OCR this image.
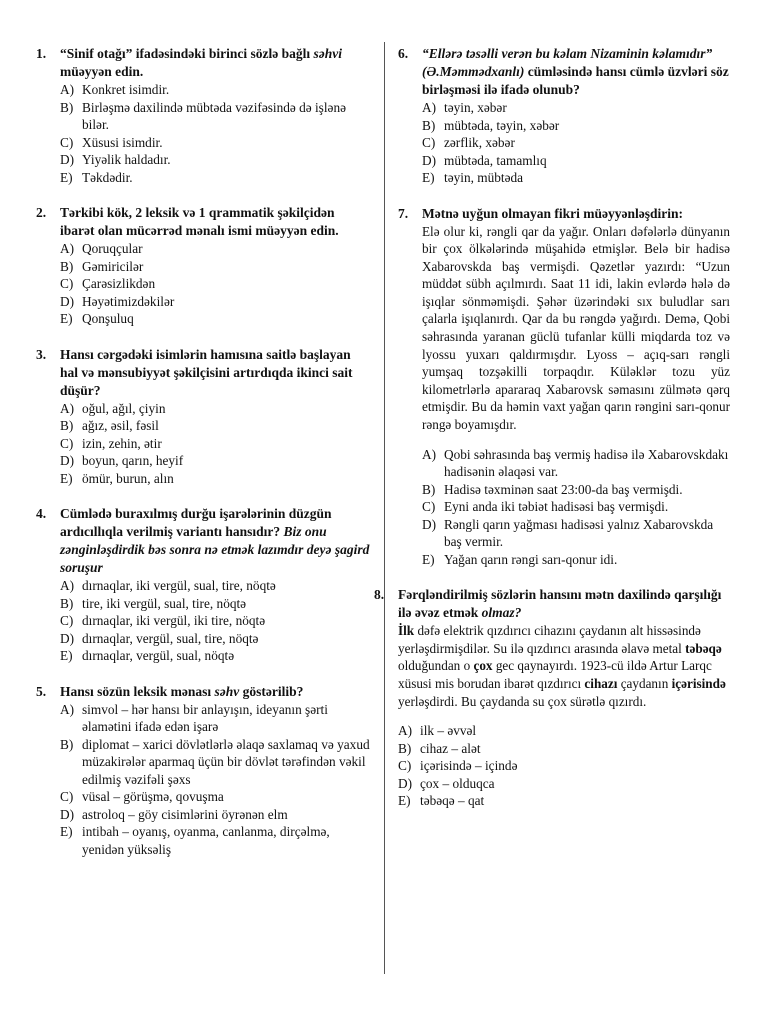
1. “Sinif otağı” ifadəsindəki birinci sözlə bağlı səhvi müəyyən edin.
A) Konkret isimdir.
B) Birləşmə daxilində mübtəda vəzifəsində də işlənə bilər.
C) Xüsusi isimdir.
D) Yiyəlik haldadır.
E) Təkdədir.
2. Tərkibi kök, 2 leksik və 1 qrammatik şəkilçidən ibarət olan mücərrəd mənalı ismi müəyyən edin.
A) Qoruqçular
B) Gəmiricilər
C) Çarəsizlikdən
D) Həyətimizdəkilər
E) Qonşuluq
3. Hansı cərgədəki isimlərin hamısına saitlə başlayan hal və mənsubiyyət şəkilçisini artırdıqda ikinci sait düşür?
A) oğul, ağıl, çiyin
B) ağız, əsil, fəsil
C) izin, zehin, ətir
D) boyun, qarın, heyif
E) ömür, burun, alın
4. Cümlədə buraxılmış durğu işarələrinin düzgün ardıcıllıqla verilmiş variantı hansıdır? Biz onu zənginləşdirdik bəs sonra nə etmək lazımdır deyə şagird soruşur
A) dırnaqlar, iki vergül, sual, tire, nöqtə
B) tire, iki vergül, sual, tire, nöqtə
C) dırnaqlar, iki vergül, iki tire, nöqtə
D) dırnaqlar, vergül, sual, tire, nöqtə
E) dırnaqlar, vergül, sual, nöqtə
5. Hansı sözün leksik mənası səhv göstərilib?
A) simvol – hər hansı bir anlayışın, ideyanın şərti əlamətini ifadə edən işarə
B) diplomat – xarici dövlətlərlə əlaqə saxlamaq və yaxud müzakirələr aparmaq üçün bir dövlət tərəfindən vəkil edilmiş vəzifəli şəxs
C) vüsal – görüşmə, qovuşma
D) astroloq – göy cisimlərini öyrənən elm
E) intibah – oyanış, oyanma, canlanma, dirçəlmə, yenidən yüksəliş
6. “Ellərə təsəlli verən bu kəlam Nizaminin kəlamıdır” (Ə.Məmmədxanlı) cümləsində hansı cümlə üzvləri söz birləşməsi ilə ifadə olunub?
A) təyin, xəbər
B) mübtəda, təyin, xəbər
C) zərflik, xəbər
D) mübtəda, tamamlıq
E) təyin, mübtəda
7. Mətnə uyğun olmayan fikri müəyyənləşdirin:
Elə olur ki, rəngli qar da yağır. Onları dəfələrlə dünyanın bir çox ölkələrində müşahidə etmişlər. Belə bir hadisə Xabarovskda baş vermişdi. Qəzetlər yazırdı: “Uzun müddət sübh açılmırdı. Saat 11 idi, lakin evlərdə hələ də işıqlar sönməmişdi. Şəhər üzərindəki sıx buludlar sarı çalarla işıqlanırdı. Qar da bu rəngdə yağırdı. Demə, Qobi səhrasında yaranan güclü tufanlar külli miqdarda toz və lyossu yuxarı qaldırmışdır. Lyoss – açıq-sarı rəngli yumşaq tozşəkilli torpaqdır. Küləklər tozu yüz kilometrlərlə apararaq Xabarovsk səmasını zülmətə qərq etmişdir. Bu da həmin vaxt yağan qarın rəngini sarı-qonur rəngə boyamışdır.
A) Qobi səhrasında baş vermiş hadisə ilə Xabarovskdakı hadisənin əlaqəsi var.
B) Hadisə təxminən saat 23:00-da baş vermişdi.
C) Eyni anda iki təbiət hadisəsi baş vermişdi.
D) Rəngli qarın yağması hadisəsi yalnız Xabarovskda baş vermir.
E) Yağan qarın rəngi sarı-qonur idi.
8. Fərqləndirilmiş sözlərin hansını mətn daxilində qarşılığı ilə əvəz etmək olmaz?
İlk dəfə elektrik qızdırıcı cihazını çaydanın alt hissəsində yerləşdirmişdilər. Su ilə qızdırıcı arasında əlavə metal təbəqə olduğundan o çox gec qaynayırdı. 1923-cü ildə Artur Larqc xüsusi mis borudan ibarət qızdırıcı cihazı çaydanın içərisində yerləşdirdi. Bu çaydanda su çox sürətlə qızırdı.
A) ilk – əvvəl
B) cihaz – alət
C) içərisində – içində
D) çox – olduqca
E) təbəqə – qat
